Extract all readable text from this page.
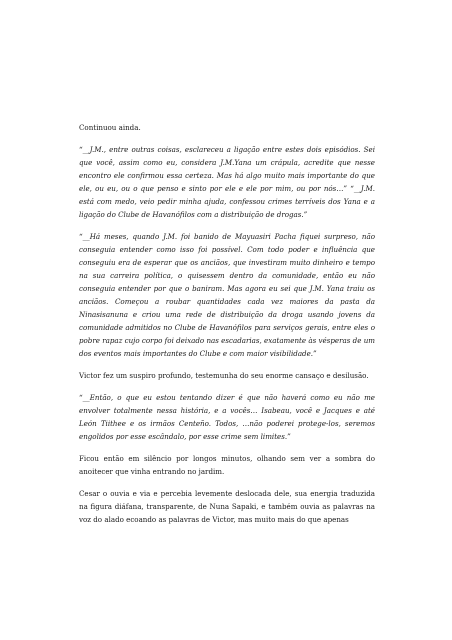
Continuou ainda.

“__J.M., entre outras coisas, esclareceu a ligação entre estes dois episódios. Sei que você, assim como eu, considera J.M.Yana um crápula, acredite que nesse encontro ele confirmou essa certeza. Mas há algo muito mais importante do que ele, ou eu, ou o que penso e sinto por ele e ele por mim, ou por nós…” “__J.M. está com medo, veio pedir minha ajuda, confessou crimes terríveis dos Yana e a ligação do Clube de Havanófilos com a distribuição de drogas.”

“__Há meses, quando J.M. foi banido de Mayuasiri Pacha fiquei surpreso, não conseguia entender como isso foi possível. Com todo poder e influência que conseguiu era de esperar que os anciãos, que investiram muito dinheiro e tempo na sua carreira política, o quisessem dentro da comunidade, então eu não conseguia entender por que o baniram. Mas agora eu sei que J.M. Yana traiu os anciãos. Começou a roubar quantidades cada vez maiores da pasta da Ninasisanuna e criou uma rede de distribuição da droga usando jovens da comunidade admitidos no Clube de Havanófilos para serviços gerais, entre eles o pobre rapaz cujo corpo foi deixado nas escadarias, exatamente às vésperas de um dos eventos mais importantes do Clube e com maior visibilidade.”

Victor fez um suspiro profundo, testemunha do seu enorme cansaço e desilusão.

“__Então, o que eu estou tentando dizer é que não haverá como eu não me envolver totalmente nessa história, e a vocês… Isabeau, você e Jacques e até León Tiithee e os irmãos Centeño. Todos, …não poderei protege-los, seremos engolidos por esse escândalo, por esse crime sem limites.”

Ficou então em silêncio por longos minutos, olhando sem ver a sombra do anoitecer que vinha entrando no jardim.

Cesar o ouvia e via e percebia levemente deslocada dele, sua energia traduzida na figura diáfana, transparente, de Nuna Sapaki, e também ouvia as palavras na voz do alado ecoando as palavras de Victor, mas muito mais do que apenas
